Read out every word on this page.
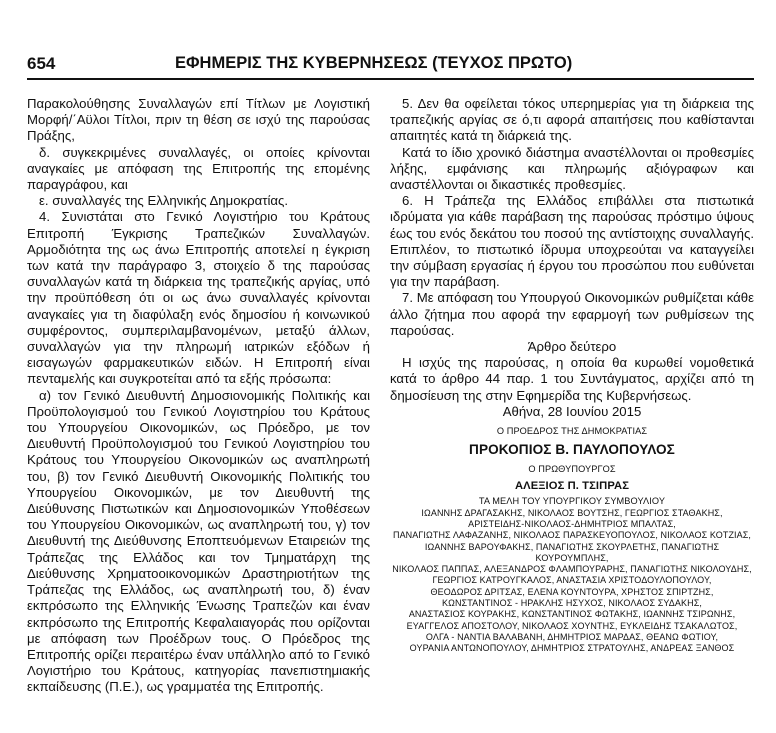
654	ΕΦΗΜΕΡΙΣ ΤΗΣ ΚΥΒΕΡΝΗΣΕΩΣ (ΤΕΥΧΟΣ ΠΡΩΤΟ)

Παρακολούθησης Συναλλαγών επί Τίτλων με Λογιστική Μορφή/΄Αϋλοι Τίτλοι, πριν τη θέση σε ισχύ της παρούσας Πράξης,

δ. συγκεκριμένες συναλλαγές, οι οποίες κρίνονται αναγκαίες με απόφαση της Επιτροπής της επομένης παραγράφου, και

ε. συναλλαγές της Ελληνικής Δημοκρατίας.

4. Συνιστάται στο Γενικό Λογιστήριο του Κράτους Επιτροπή Έγκρισης Τραπεζικών Συναλλαγών. Αρμοδιότητα της ως άνω Επιτροπής αποτελεί η έγκριση των κατά την παράγραφο 3, στοιχείο δ της παρούσας συναλλαγών κατά τη διάρκεια της τραπεζικής αργίας, υπό την προϋπόθεση ότι οι ως άνω συναλλαγές κρίνονται αναγκαίες για τη διαφύλαξη ενός δημοσίου ή κοινωνικού συμφέροντος, συμπεριλαμβανομένων, μεταξύ άλλων, συναλλαγών για την πληρωμή ιατρικών εξόδων ή εισαγωγών φαρμακευτικών ειδών. Η Επιτροπή είναι πενταμελής και συγκροτείται από τα εξής πρόσωπα:

α) τον Γενικό Διευθυντή Δημοσιονομικής Πολιτικής και Προϋπολογισμού του Γενικού Λογιστηρίου του Κράτους του Υπουργείου Οικονομικών, ως Πρόεδρο, με τον Διευθυντή Προϋπολογισμού του Γενικού Λογιστηρίου του Κράτους του Υπουργείου Οικονομικών ως αναπληρωτή του, β) τον Γενικό Διευθυντή Οικονομικής Πολιτικής του Υπουργείου Οικονομικών, με τον Διευθυντή της Διεύθυνσης Πιστωτικών και Δημοσιονομικών Υποθέσεων του Υπουργείου Οικονομικών, ως αναπληρωτή του, γ) τον Διευθυντή της Διεύθυνσης Εποπτευόμενων Εταιρειών της Τράπεζας της Ελλάδος και τον Τμηματάρχη της Διεύθυνσης Χρηματοοικονομικών Δραστηριοτήτων της Τράπεζας της Ελλάδος, ως αναπληρωτή του, δ) έναν εκπρόσωπο της Ελληνικής Ένωσης Τραπεζών και έναν εκπρόσωπο της Επιτροπής Κεφαλαιαγοράς που ορίζονται με απόφαση των Προέδρων τους. Ο Πρόεδρος της Επιτροπής ορίζει περαιτέρω έναν υπάλληλο από το Γενικό Λογιστήριο του Κράτους, κατηγορίας πανεπιστημιακής εκπαίδευσης (Π.Ε.), ως γραμματέα της Επιτροπής.

5. Δεν θα οφείλεται τόκος υπερημερίας για τη διάρκεια της τραπεζικής αργίας σε ό,τι αφορά απαιτήσεις που καθίστανται απαιτητές κατά τη διάρκειά της.

Κατά το ίδιο χρονικό διάστημα αναστέλλονται οι προθεσμίες λήξης, εμφάνισης και πληρωμής αξιόγραφων και αναστέλλονται οι δικαστικές προθεσμίες.

6. Η Τράπεζα της Ελλάδος επιβάλλει στα πιστωτικά ιδρύματα για κάθε παράβαση της παρούσας πρόστιμο ύψους έως του ενός δεκάτου του ποσού της αντίστοιχης συναλλαγής. Επιπλέον, το πιστωτικό ίδρυμα υποχρεούται να καταγγείλει την σύμβαση εργασίας ή έργου του προσώπου που ευθύνεται για την παράβαση.

7. Με απόφαση του Υπουργού Οικονομικών ρυθμίζεται κάθε άλλο ζήτημα που αφορά την εφαρμογή των ρυθμίσεων της παρούσας.

Άρθρο δεύτερο

Η ισχύς της παρούσας, η οποία θα κυρωθεί νομοθετικά κατά το άρθρο 44 παρ. 1 του Συντάγματος, αρχίζει από τη δημοσίευση της στην Εφημερίδα της Κυβερνήσεως.

Αθήνα, 28 Ιουνίου 2015

Ο ΠΡΟΕΔΡΟΣ ΤΗΣ ΔΗΜΟΚΡΑΤΙΑΣ
ΠΡΟΚΟΠΙΟΣ Β. ΠΑΥΛΟΠΟΥΛΟΣ
Ο ΠΡΩΘΥΠΟΥΡΓΟΣ
ΑΛΕΞΙΟΣ Π. ΤΣΙΠΡΑΣ
ΤΑ ΜΕΛΗ ΤΟΥ ΥΠΟΥΡΓΙΚΟΥ ΣΥΜΒΟΥΛΙΟΥ
ΙΩΑΝΝΗΣ ΔΡΑΓΑΣΑΚΗΣ, ΝΙΚΟΛΑΟΣ ΒΟΥΤΣΗΣ, ΓΕΩΡΓΙΟΣ ΣΤΑΘΑΚΗΣ,
ΑΡΙΣΤΕΙΔΗΣ-ΝΙΚΟΛΑΟΣ-ΔΗΜΗΤΡΙΟΣ ΜΠΑΛΤΑΣ,
ΠΑΝΑΓΙΩΤΗΣ ΛΑΦΑΖΑΝΗΣ, ΝΙΚΟΛΑΟΣ ΠΑΡΑΣΚΕΥΟΠΟΥΛΟΣ, ΝΙΚΟΛΑΟΣ ΚΟΤΖΙΑΣ,
ΙΩΑΝΝΗΣ ΒΑΡΟΥΦΑΚΗΣ, ΠΑΝΑΓΙΩΤΗΣ ΣΚΟΥΡΛΕΤΗΣ, ΠΑΝΑΓΙΩΤΗΣ ΚΟΥΡΟΥΜΠΛΗΣ,
ΝΙΚΟΛΑΟΣ ΠΑΠΠΑΣ, ΑΛΕΞΑΝΔΡΟΣ ΦΛΑΜΠΟΥΡΑΡΗΣ, ΠΑΝΑΓΙΩΤΗΣ ΝΙΚΟΛΟΥΔΗΣ,
ΓΕΩΡΓΙΟΣ ΚΑΤΡΟΥΓΚΑΛΟΣ, ΑΝΑΣΤΑΣΙΑ ΧΡΙΣΤΟΔΟΥΛΟΠΟΥΛΟΥ,
ΘΕΟΔΩΡΟΣ ΔΡΙΤΣΑΣ, ΕΛΕΝΑ ΚΟΥΝΤΟΥΡΑ, ΧΡΗΣΤΟΣ ΣΠΙΡΤΖΗΣ,
ΚΩΝΣΤΑΝΤΙΝΟΣ - ΗΡΑΚΛΗΣ ΗΣΥΧΟΣ, ΝΙΚΟΛΑΟΣ ΣΥΔΑΚΗΣ,
ΑΝΑΣΤΑΣΙΟΣ ΚΟΥΡΑΚΗΣ, ΚΩΝΣΤΑΝΤΙΝΟΣ ΦΩΤΑΚΗΣ, ΙΩΑΝΝΗΣ ΤΣΙΡΩΝΗΣ,
ΕΥΑΓΓΕΛΟΣ ΑΠΟΣΤΟΛΟΥ, ΝΙΚΟΛΑΟΣ ΧΟΥΝΤΗΣ, ΕΥΚΛΕΙΔΗΣ ΤΣΑΚΑΛΩΤΟΣ,
ΟΛΓΑ - ΝΑΝΤΙΑ ΒΑΛΑΒΑΝΗ, ΔΗΜΗΤΡΙΟΣ ΜΑΡΔΑΣ, ΘΕΑΝΩ ΦΩΤΙΟΥ,
ΟΥΡΑΝΙΑ ΑΝΤΩΝΟΠΟΥΛΟΥ, ΔΗΜΗΤΡΙΟΣ ΣΤΡΑΤΟΥΛΗΣ, ΑΝΔΡΕΑΣ ΞΑΝΘΟΣ
